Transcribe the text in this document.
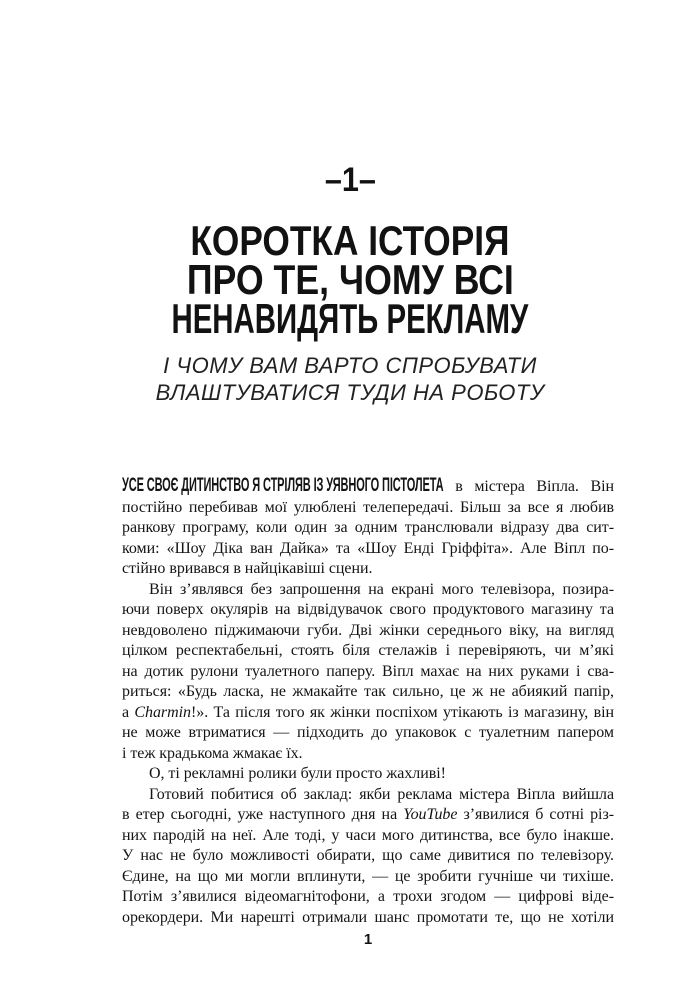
–1–
КОРОТКА ІСТОРІЯ
ПРО ТЕ, ЧОМУ ВСІ
НЕНАВИДЯТЬ РЕКЛАМУ
І ЧОМУ ВАМ ВАРТО СПРОБУВАТИ
ВЛАШТУВАТИСЯ ТУДИ НА РОБОТУ
УСЕ СВОЄ ДИТИНСТВО Я СТРІЛЯВ ІЗ УЯВНОГО ПІСТОЛЕТА в містера Віпла. Він
постійно перебивав мої улюблені телепередачі. Більш за все я любив
ранкову програму, коли один за одним транслювали відразу два сит-
коми: «Шоу Діка ван Дайка» та «Шоу Енді Гріффіта». Але Віпл по-
стійно вривався в найцікавіші сцени.
Він з’являвся без запрошення на екрані мого телевізора, позира-
ючи поверх окулярів на відвідувачок свого продуктового магазину та
невдоволено піджимаючи губи. Дві жінки середнього віку, на вигляд
цілком респектабельні, стоять біля стелажів і перевіряють, чи м’які
на дотик рулони туалетного паперу. Віпл махає на них руками і сва-
риться: «Будь ласка, не жмакайте так сильно, це ж не абиякий папір,
а Charmin!». Та після того як жінки поспіхом утікають із магазину, він
не може втриматися — підходить до упаковок с туалетним папером
і теж крадькома жмакає їх.
О, ті рекламні ролики були просто жахливі!
Готовий побитися об заклад: якби реклама містера Віпла вийшла
в етер сьогодні, уже наступного дня на YouTube з’явилися б сотні різ-
них пародій на неї. Але тоді, у часи мого дитинства, все було інакше.
У нас не було можливості обирати, що саме дивитися по телевізору.
Єдине, на що ми могли вплинути, — це зробити гучніше чи тихіше.
Потім з’явилися відеомагнітофони, а трохи згодом — цифрові віде-
орекордери. Ми нарешті отримали шанс промотати те, що не хотіли
1
